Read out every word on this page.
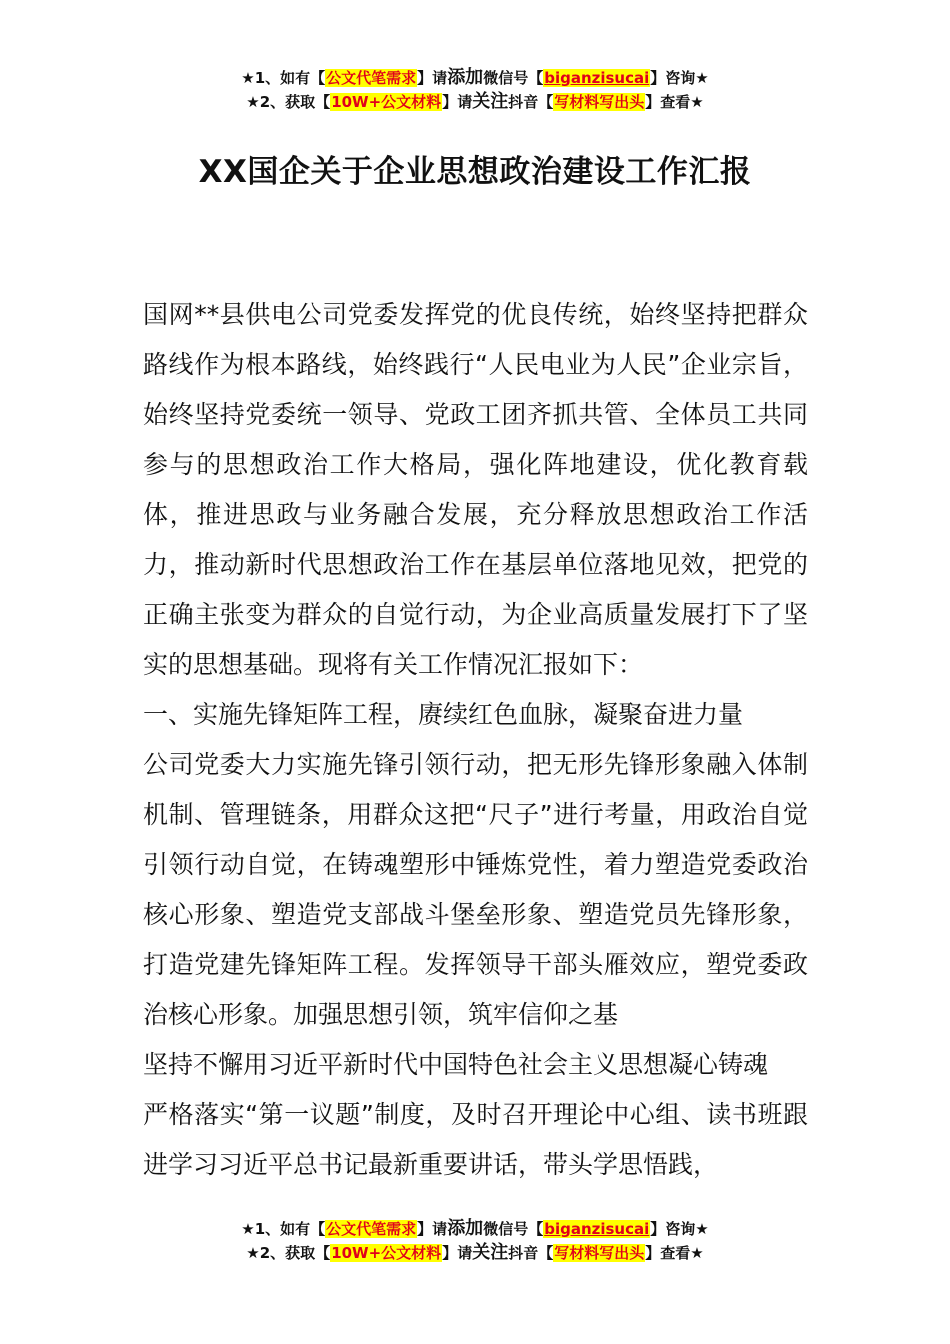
★1、如有【公文代笔需求】请添加微信号【biganzisucai】咨询★
★2、获取【10W+公文材料】请关注抖音【写材料写出头】查看★
XX国企关于企业思想政治建设工作汇报

国网**县供电公司党委发挥党的优良传统，始终坚持把群众路线作为根本路线，始终践行“人民电业为人民”企业宗旨，始终坚持党委统一领导、党政工团齐抓共管、全体员工共同参与的思想政治工作大格局，强化阵地建设，优化教育载体，推进思政与业务融合发展，充分释放思想政治工作活力，推动新时代思想政治工作在基层单位落地见效，把党的正确主张变为群众的自觉行动，为企业高质量发展打下了坚实的思想基础。现将有关工作情况汇报如下：

一、实施先锋矩阵工程，赓续红色血脉，凝聚奋进力量

公司党委大力实施先锋引领行动，把无形先锋形象融入体制机制、管理链条，用群众这把“尺子”进行考量，用政治自觉引领行动自觉，在铸魂塑形中锤炼党性，着力塑造党委政治核心形象、塑造党支部战斗堡垒形象、塑造党员先锋形象，打造党建先锋矩阵工程。发挥领导干部头雁效应，塑党委政治核心形象。加强思想引领，筑牢信仰之基

坚持不懈用习近平新时代中国特色社会主义思想凝心铸魂

严格落实“第一议题”制度，及时召开理论中心组、读书班跟进学习习近平总书记最新重要讲话，带头学思悟践，

★1、如有【公文代笔需求】请添加微信号【biganzisucai】咨询★
★2、获取【10W+公文材料】请关注抖音【写材料写出头】查看★
